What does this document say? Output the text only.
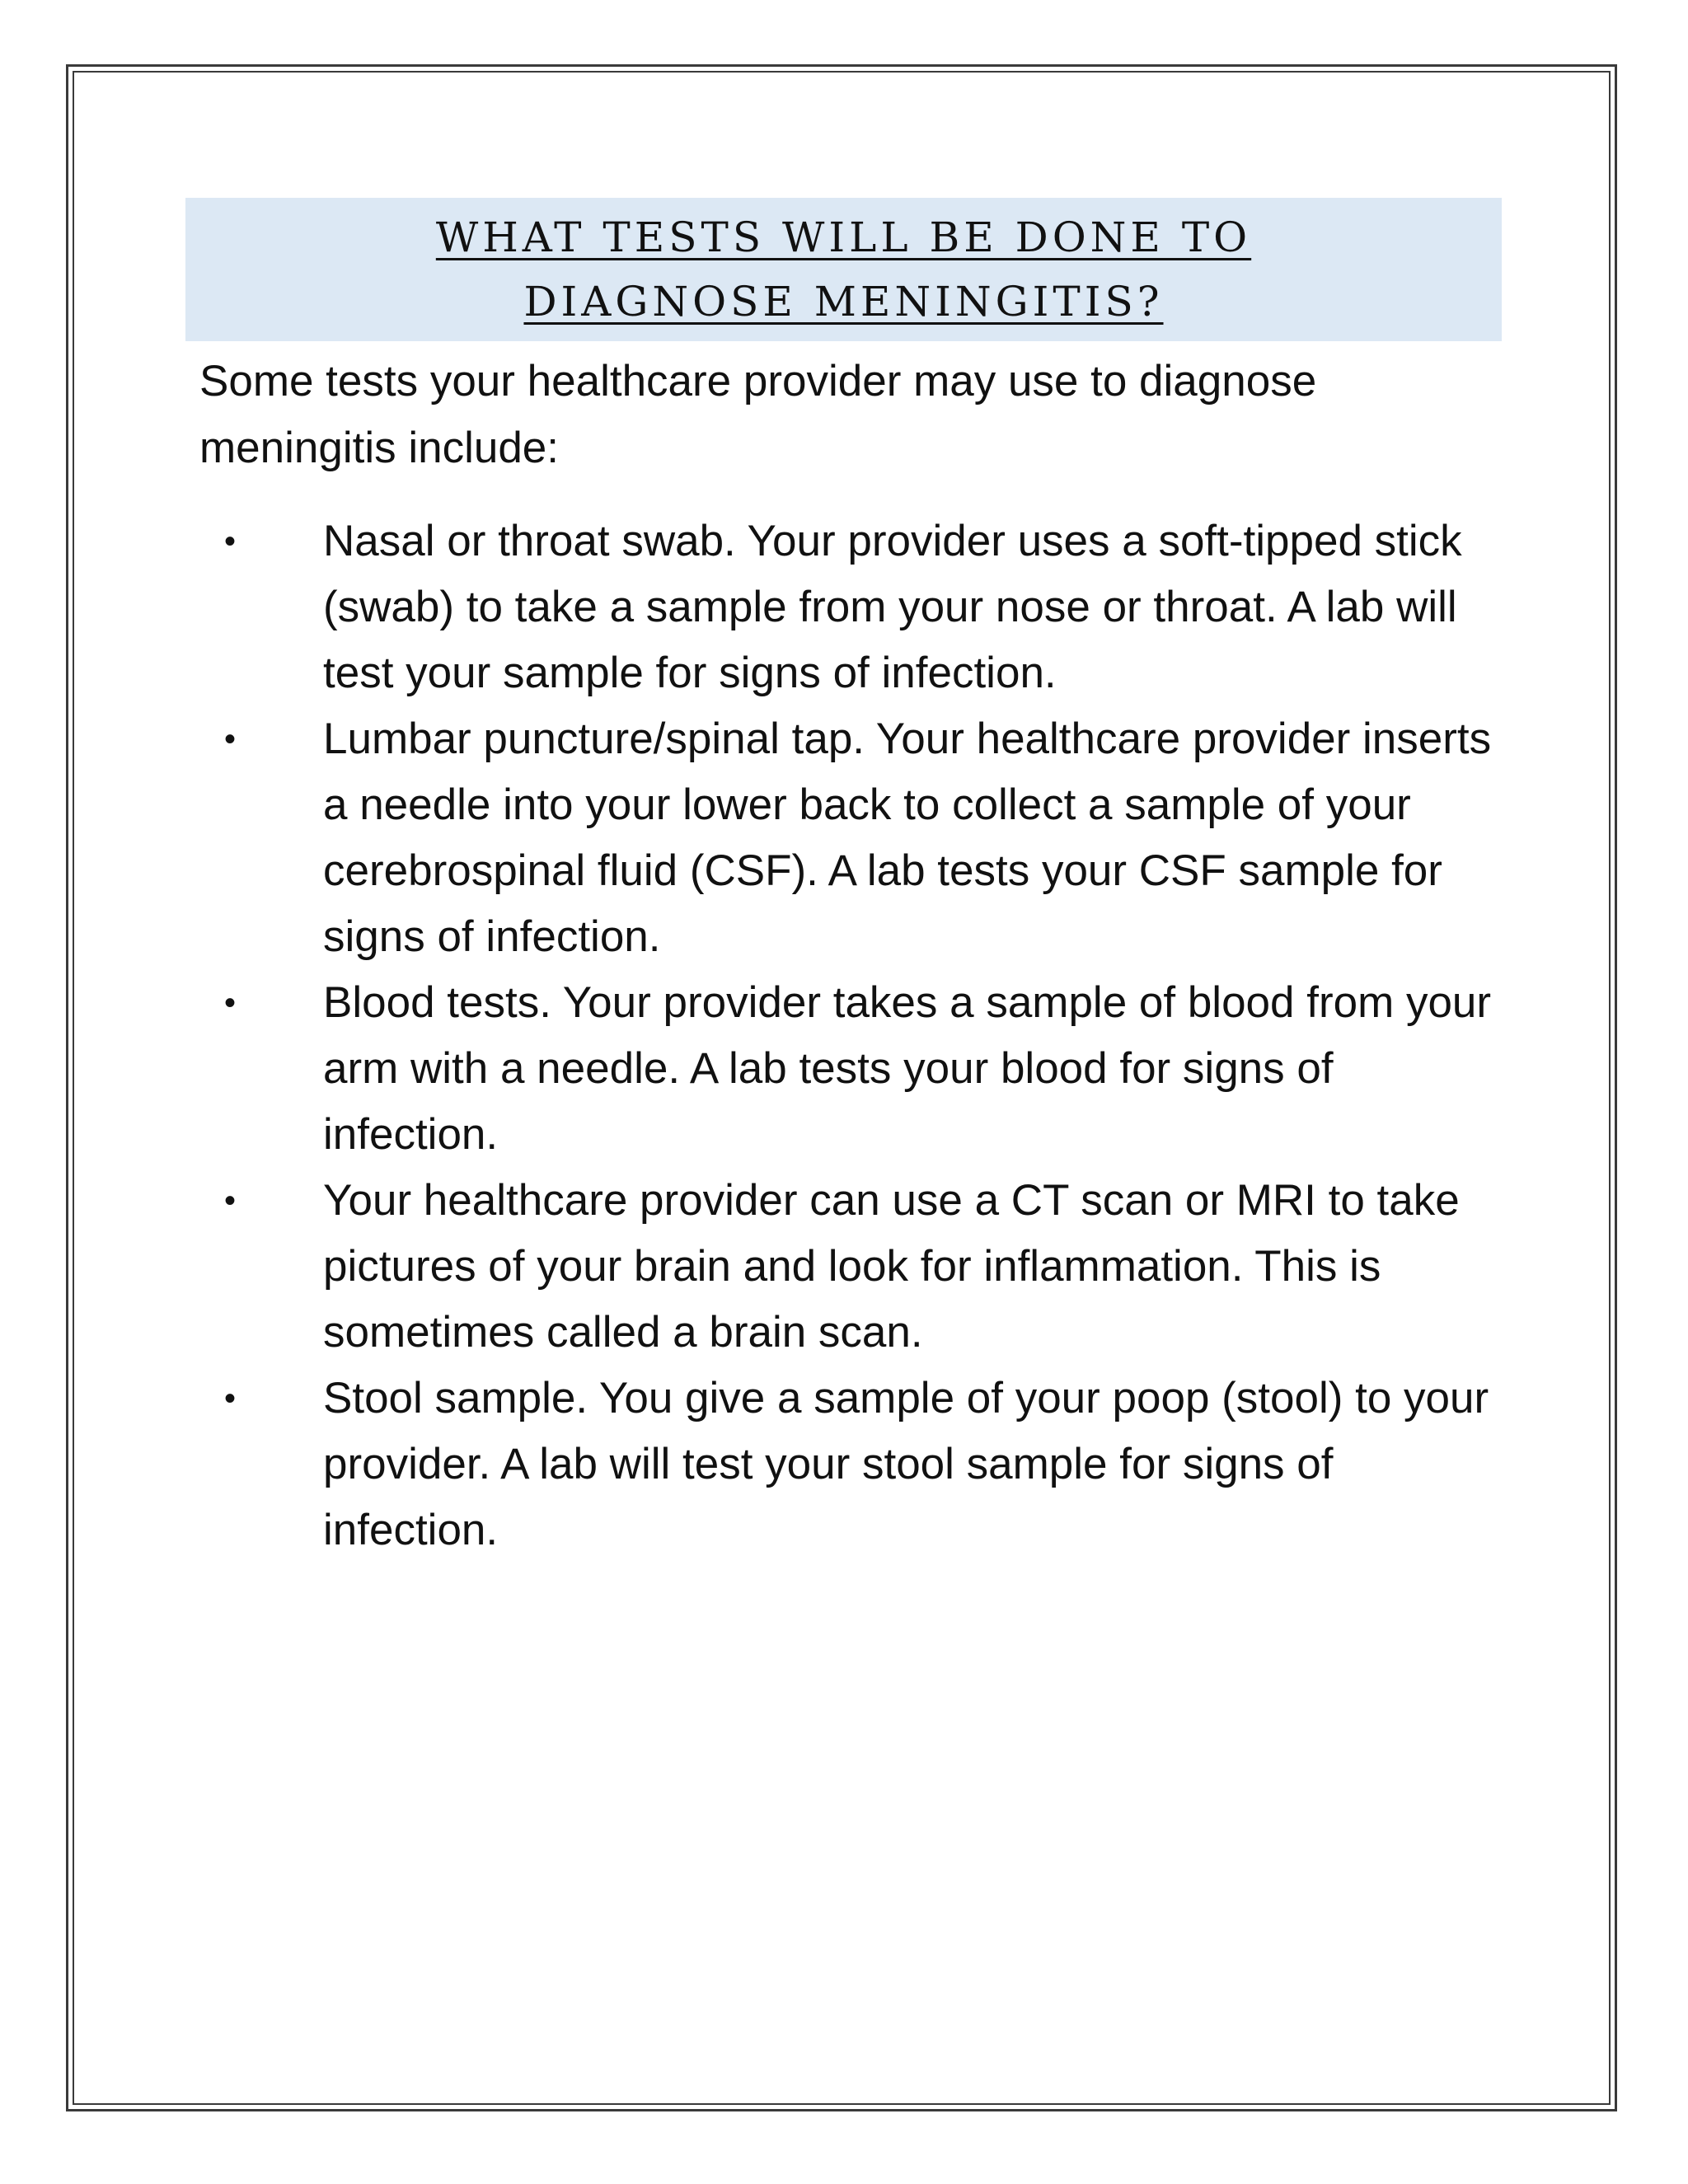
WHAT TESTS WILL BE DONE TO DIAGNOSE MENINGITIS?

Some tests your healthcare provider may use to diagnose meningitis include:

• Nasal or throat swab. Your provider uses a soft-tipped stick (swab) to take a sample from your nose or throat. A lab will test your sample for signs of infection.
• Lumbar puncture/spinal tap. Your healthcare provider inserts a needle into your lower back to collect a sample of your cerebrospinal fluid (CSF). A lab tests your CSF sample for signs of infection.
• Blood tests. Your provider takes a sample of blood from your arm with a needle. A lab tests your blood for signs of infection.
• Your healthcare provider can use a CT scan or MRI to take pictures of your brain and look for inflammation. This is sometimes called a brain scan.
• Stool sample. You give a sample of your poop (stool) to your provider. A lab will test your stool sample for signs of infection.
